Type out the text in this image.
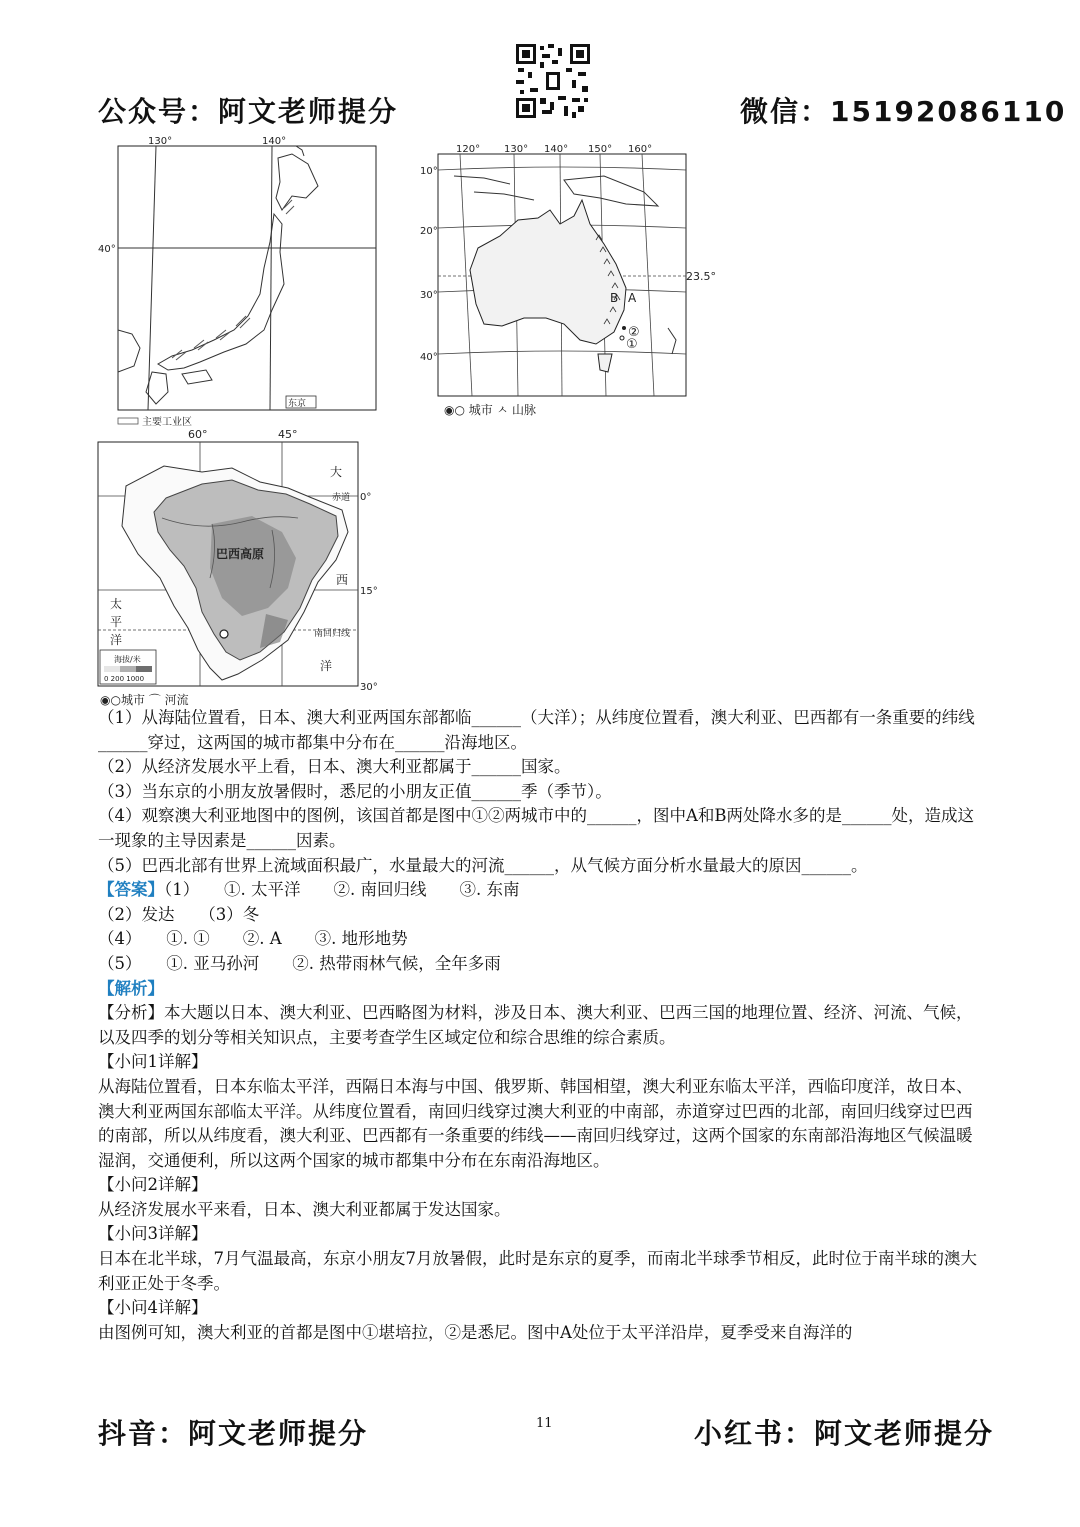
公众号：阿文老师提分	微信：15192086110
130°	140°
40°
东京
主要工业区
120° 130° 140° 150° 160°
10°
20°
30°
40°
23.5°
B A
②
①
◉○ 城市 ㅅ 山脉
60°	45°
0°
15°
30°
巴西高原
大
赤道
西
南回归线
洋
太
平
洋
海拔/米
0 200 1000
◉○城市 ⌒ 河流

（1）从海陆位置看，日本、澳大利亚两国东部都临______（大洋）；从纬度位置看，澳大利亚、巴西都有一条重要的纬线______穿过，这两国的城市都集中分布在______沿海地区。

（2）从经济发展水平上看，日本、澳大利亚都属于______国家。

（3）当东京的小朋友放暑假时，悉尼的小朋友正值______季（季节）。

（4）观察澳大利亚地图中的图例，该国首都是图中①②两城市中的______，图中A和B两处降水多的是______处，造成这一现象的主导因素是______因素。

（5）巴西北部有世界上流域面积最广，水量最大的河流______，从气候方面分析水量最大的原因______。

【答案】（1）　　①. 太平洋　　②. 南回归线　　③. 东南

（2）发达　　（3）冬

（4）　　①. ①　　②. A　　③. 地形地势

（5）　　①. 亚马孙河　　②. 热带雨林气候，全年多雨

【解析】

【分析】本大题以日本、澳大利亚、巴西略图为材料，涉及日本、澳大利亚、巴西三国的地理位置、经济、河流、气候，以及四季的划分等相关知识点，主要考查学生区域定位和综合思维的综合素质。

【小问1详解】

从海陆位置看，日本东临太平洋，西隔日本海与中国、俄罗斯、韩国相望，澳大利亚东临太平洋，西临印度洋，故日本、澳大利亚两国东部临太平洋。从纬度位置看，南回归线穿过澳大利亚的中南部，赤道穿过巴西的北部，南回归线穿过巴西的南部，所以从纬度看，澳大利亚、巴西都有一条重要的纬线——南回归线穿过，这两个国家的东南部沿海地区气候温暖湿润，交通便利，所以这两个国家的城市都集中分布在东南沿海地区。

【小问2详解】

从经济发展水平来看，日本、澳大利亚都属于发达国家。

【小问3详解】

日本在北半球，7月气温最高，东京小朋友7月放暑假，此时是东京的夏季，而南北半球季节相反，此时位于南半球的澳大利亚正处于冬季。

【小问4详解】

由图例可知，澳大利亚的首都是图中①堪培拉，②是悉尼。图中A处位于太平洋沿岸，夏季受来自海洋的

抖音：阿文老师提分	11	小红书：阿文老师提分
